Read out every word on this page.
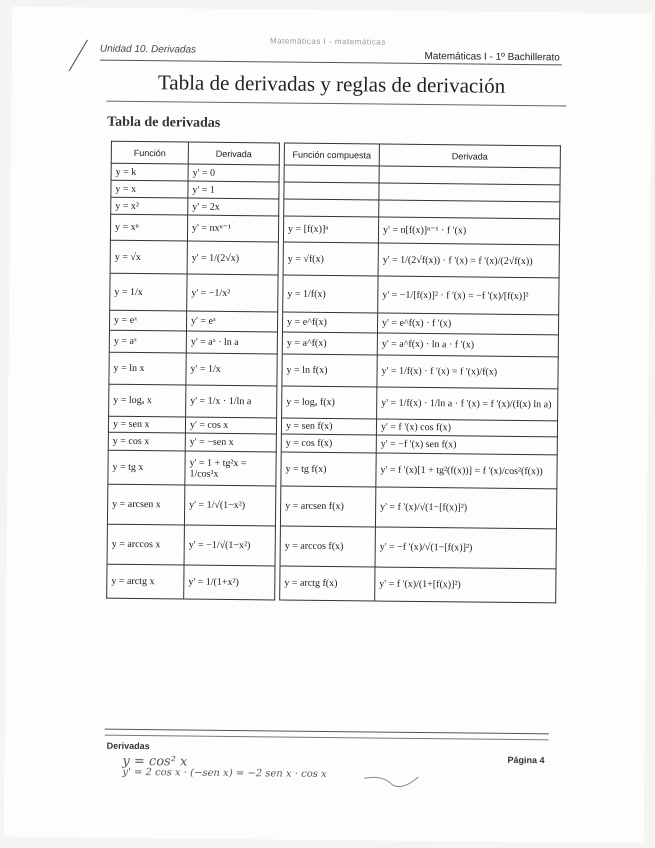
Unidad 10. Derivadas
Matemáticas I - matemáticas
Matemáticas I - 1º Bachillerato
Tabla de derivadas y reglas de derivación
Tabla de derivadas
Función	Derivada		Función compuesta	Derivada
y = k	y' = 0			
y = x	y' = 1			
y = x²	y' = 2x			
y = xⁿ	y' = nxⁿ⁻¹		y = [f(x)]ⁿ	y' = n[f(x)]ⁿ⁻¹ · f '(x)
y = √x	y' = 1/(2√x)		y = √f(x)	y' = 1/(2√f(x)) · f '(x) = f '(x)/(2√f(x))
y = 1/x	y' = −1/x²		y = 1/f(x)	y' = −1/[f(x)]² · f '(x) = −f '(x)/[f(x)]²
y = eˣ	y' = eˣ		y = e^f(x)	y' = e^f(x) · f '(x)
y = aˣ	y' = aˣ · ln a		y = a^f(x)	y' = a^f(x) · ln a · f '(x)
y = ln x	y' = 1/x		y = ln f(x)	y' = 1/f(x) · f '(x) = f '(x)/f(x)
y = logₐ x	y' = 1/x · 1/ln a		y = logₐ f(x)	y' = 1/f(x) · 1/ln a · f '(x) = f '(x)/(f(x) ln a)
y = sen x	y' = cos x		y = sen f(x)	y' = f '(x) cos f(x)
y = cos x	y' = −sen x		y = cos f(x)	y' = −f '(x) sen f(x)
y = tg x	y' = 1 + tg²x = 1/cos²x		y = tg f(x)	y' = f '(x)[1 + tg²(f(x))] = f '(x)/cos²(f(x))
y = arcsen x	y' = 1/√(1−x²)		y = arcsen f(x)	y' = f '(x)/√(1−[f(x)]²)
y = arccos x	y' = −1/√(1−x²)		y = arccos f(x)	y' = −f '(x)/√(1−[f(x)]²)
y = arctg x	y' = 1/(1+x²)		y = arctg f(x)	y' = f '(x)/(1+[f(x)]²)
Derivadas
Página 4
y = cos² x
y' = 2 cos x · (−sen x) = −2 sen x · cos x
